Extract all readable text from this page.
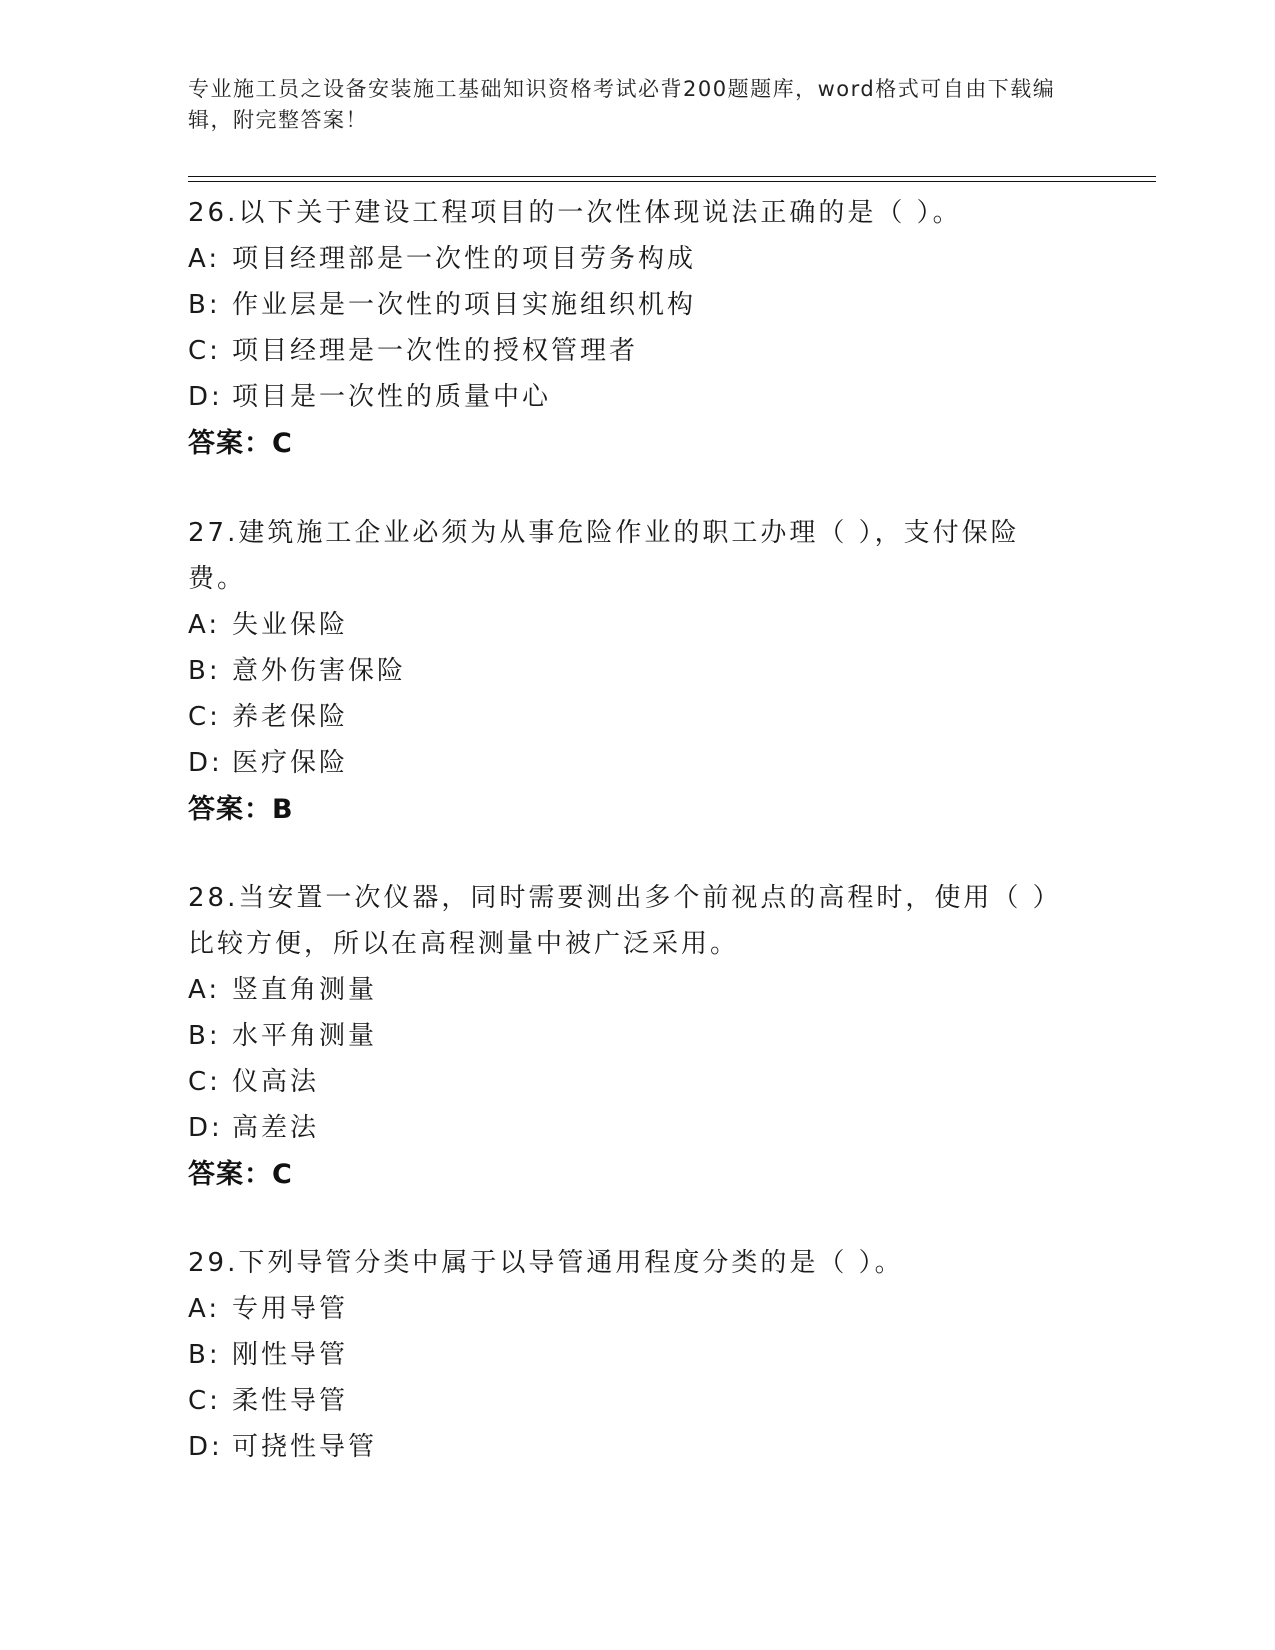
专业施工员之设备安装施工基础知识资格考试必背200题题库，word格式可自由下载编辑，附完整答案！
26.以下关于建设工程项目的一次性体现说法正确的是（ ）。
A: 项目经理部是一次性的项目劳务构成
B: 作业层是一次性的项目实施组织机构
C: 项目经理是一次性的授权管理者
D: 项目是一次性的质量中心
答案：C
27.建筑施工企业必须为从事危险作业的职工办理（ ），支付保险费。
A: 失业保险
B: 意外伤害保险
C: 养老保险
D: 医疗保险
答案：B
28.当安置一次仪器，同时需要测出多个前视点的高程时，使用（ ）比较方便，所以在高程测量中被广泛采用。
A: 竖直角测量
B: 水平角测量
C: 仪高法
D: 高差法
答案：C
29.下列导管分类中属于以导管通用程度分类的是（ ）。
A: 专用导管
B: 刚性导管
C: 柔性导管
D: 可挠性导管
